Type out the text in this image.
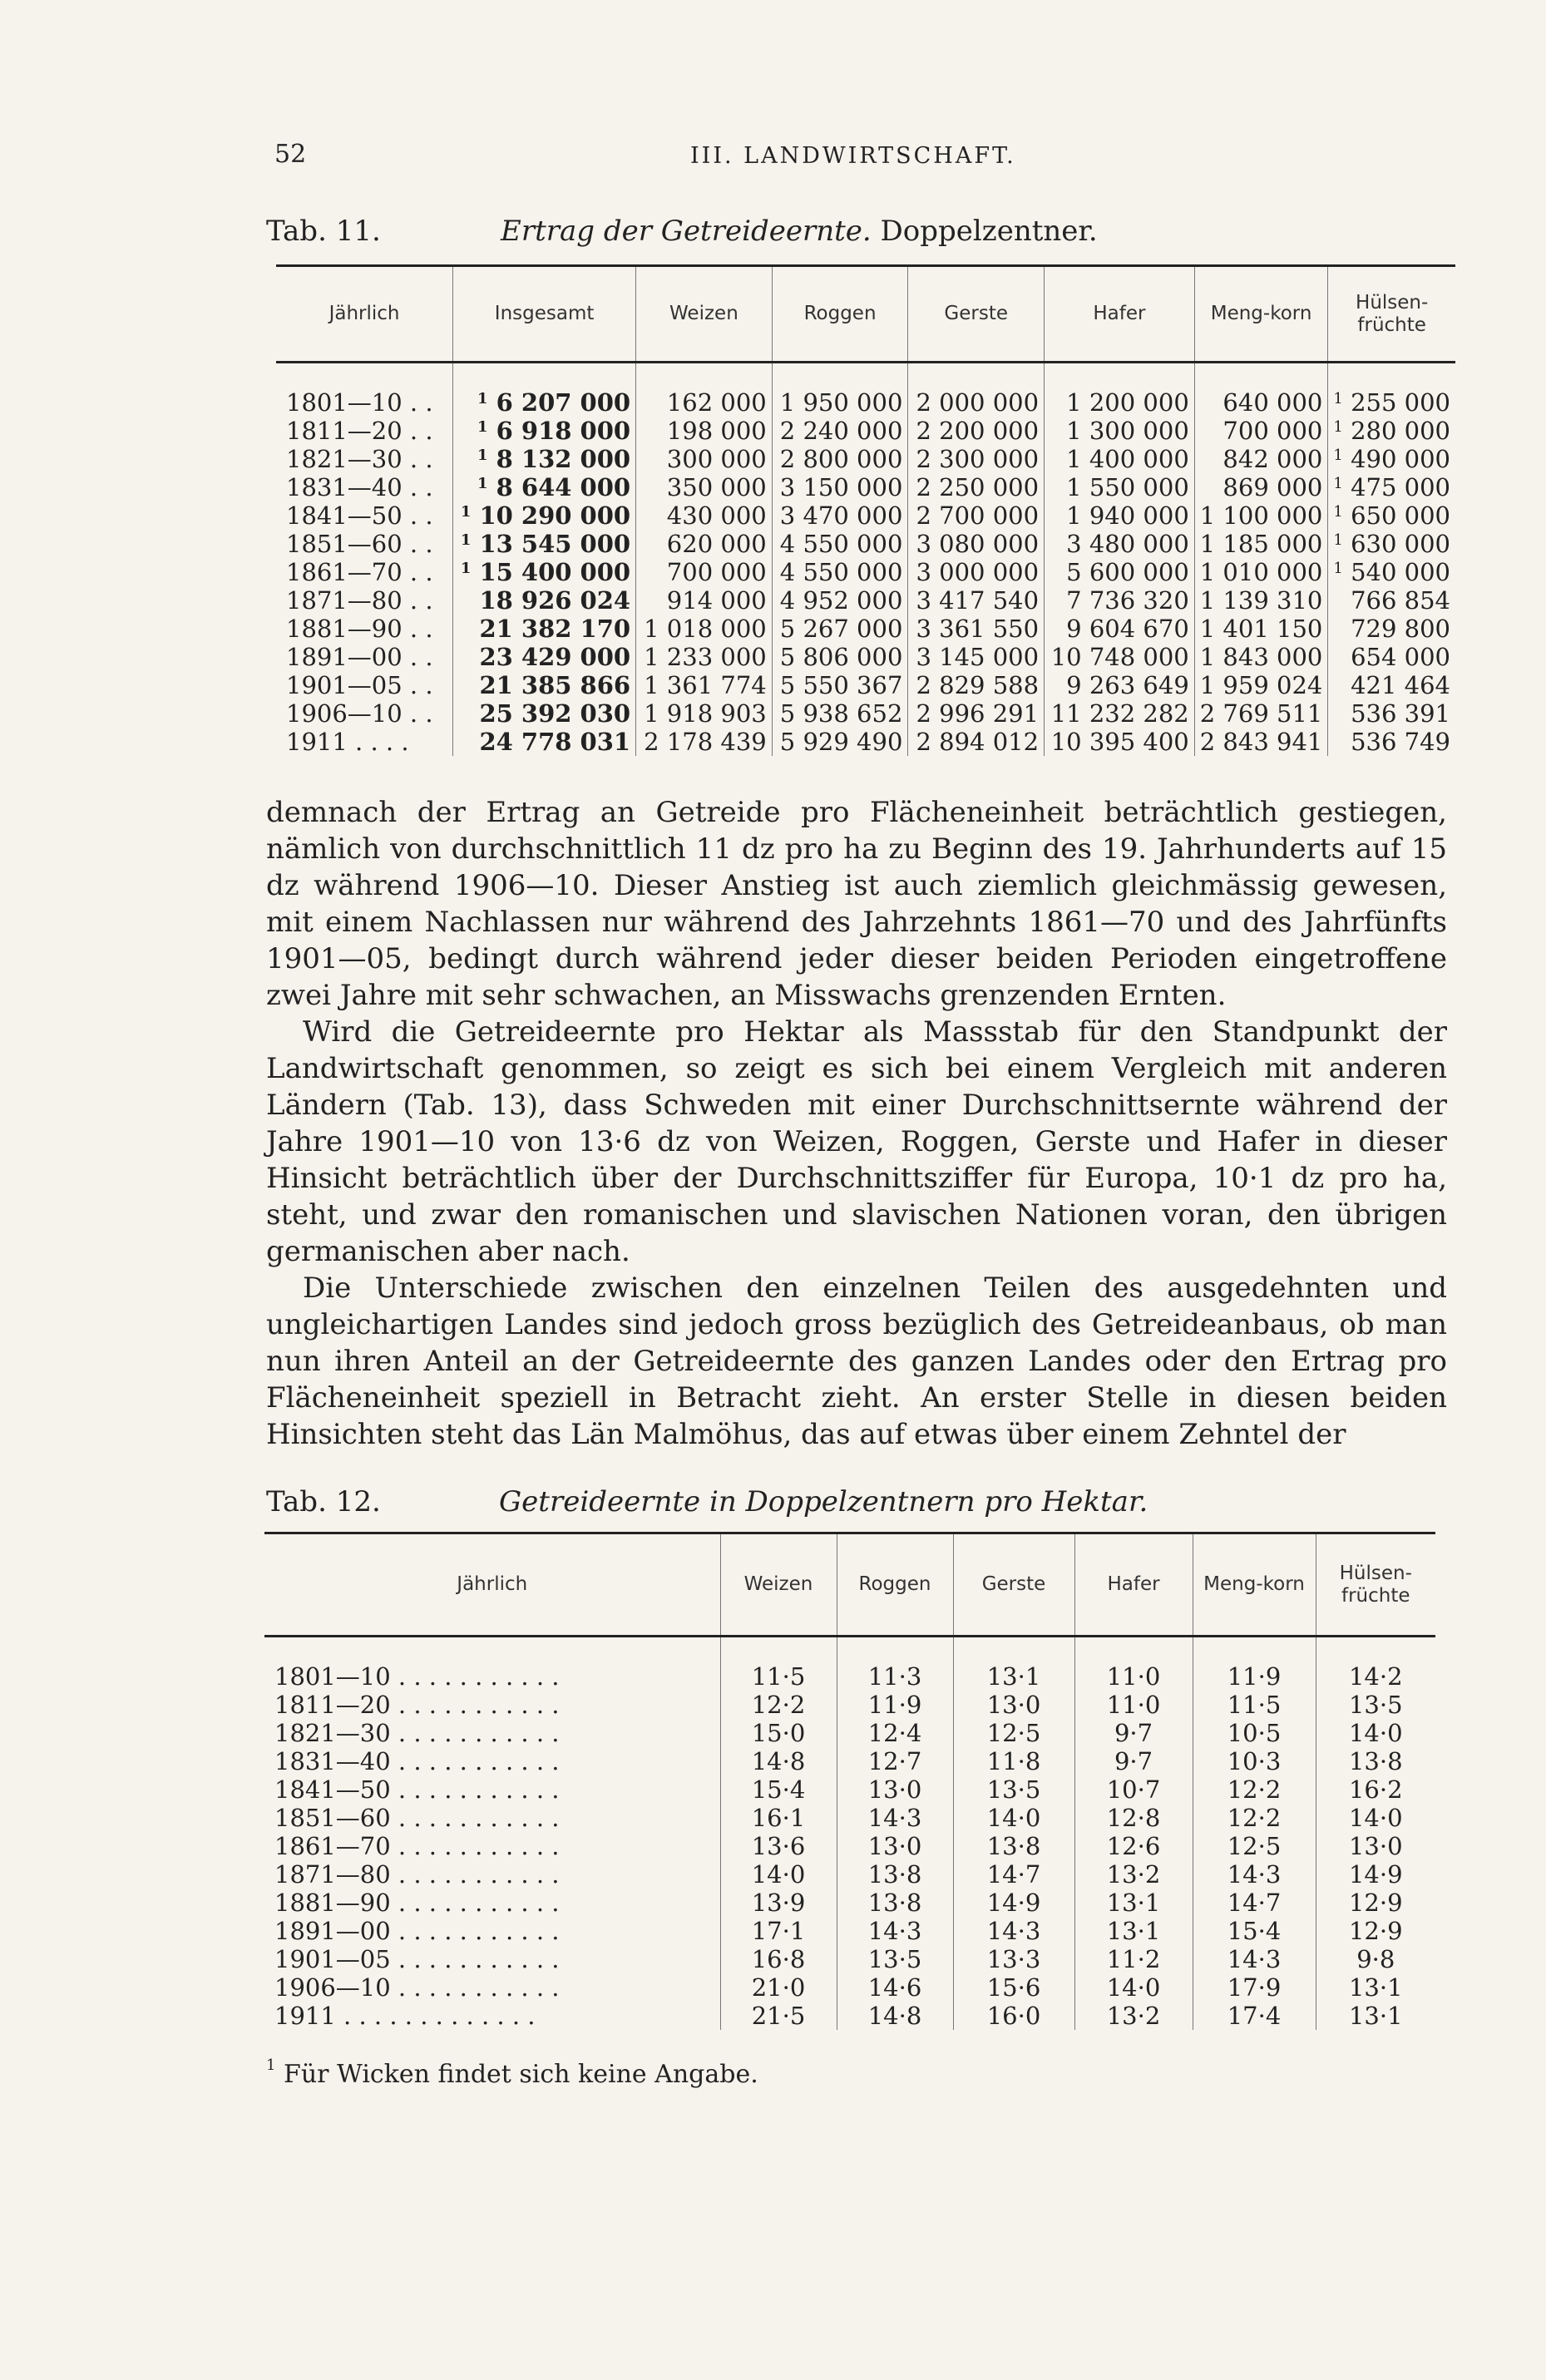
52	III. LANDWIRTSCHAFT.
Tab. 11.	Ertrag der Getreideernte. Doppelzentner.
Jährlich	Insgesamt	Weizen	Roggen	Gerste	Hafer	Meng-korn	Hülsen-früchte
1801—10 . .	$^1$ 6 207 000	162 000	1 950 000	2 000 000	1 200 000	640 000	$^1$ 255 000
1811—20 . .	$^1$ 6 918 000	198 000	2 240 000	2 200 000	1 300 000	700 000	$^1$ 280 000
1821—30 . .	$^1$ 8 132 000	300 000	2 800 000	2 300 000	1 400 000	842 000	$^1$ 490 000
1831—40 . .	$^1$ 8 644 000	350 000	3 150 000	2 250 000	1 550 000	869 000	$^1$ 475 000
1841—50 . .	$^1$ 10 290 000	430 000	3 470 000	2 700 000	1 940 000	1 100 000	$^1$ 650 000
1851—60 . .	$^1$ 13 545 000	620 000	4 550 000	3 080 000	3 480 000	1 185 000	$^1$ 630 000
1861—70 . .	$^1$ 15 400 000	700 000	4 550 000	3 000 000	5 600 000	1 010 000	$^1$ 540 000
1871—80 . .	18 926 024	914 000	4 952 000	3 417 540	7 736 320	1 139 310	766 854
1881—90 . .	21 382 170	1 018 000	5 267 000	3 361 550	9 604 670	1 401 150	729 800
1891—00 . .	23 429 000	1 233 000	5 806 000	3 145 000	10 748 000	1 843 000	654 000
1901—05 . .	21 385 866	1 361 774	5 550 367	2 829 588	9 263 649	1 959 024	421 464
1906—10 . .	25 392 030	1 918 903	5 938 652	2 996 291	11 232 282	2 769 511	536 391
1911 . . . .	24 778 031	2 178 439	5 929 490	2 894 012	10 395 400	2 843 941	536 749

demnach der Ertrag an Getreide pro Flächeneinheit beträchtlich gestiegen, nämlich von durchschnittlich 11 dz pro ha zu Beginn des 19. Jahrhunderts auf 15 dz während 1906—10. Dieser Anstieg ist auch ziemlich gleichmässig gewesen, mit einem Nachlassen nur während des Jahrzehnts 1861—70 und des Jahrfünfts 1901—05, bedingt durch während jeder dieser beiden Perioden eingetroffene zwei Jahre mit sehr schwachen, an Misswachs grenzenden Ernten.

Wird die Getreideernte pro Hektar als Massstab für den Standpunkt der Landwirtschaft genommen, so zeigt es sich bei einem Vergleich mit anderen Ländern (Tab. 13), dass Schweden mit einer Durchschnittsernte während der Jahre 1901—10 von 13·6 dz von Weizen, Roggen, Gerste und Hafer in dieser Hinsicht beträchtlich über der Durchschnittsziffer für Europa, 10·1 dz pro ha, steht, und zwar den romanischen und slavischen Nationen voran, den übrigen germanischen aber nach.

Die Unterschiede zwischen den einzelnen Teilen des ausgedehnten und ungleichartigen Landes sind jedoch gross bezüglich des Getreideanbaus, ob man nun ihren Anteil an der Getreideernte des ganzen Landes oder den Ertrag pro Flächeneinheit speziell in Betracht zieht. An erster Stelle in diesen beiden Hinsichten steht das Län Malmöhus, das auf etwas über einem Zehntel der

Tab. 12.	Getreideernte in Doppelzentnern pro Hektar.
Jährlich	Weizen	Roggen	Gerste	Hafer	Meng-korn	Hülsen-früchte
1801—10 . . . . . . . . . . .	11·5	11·3	13·1	11·0	11·9	14·2
1811—20 . . . . . . . . . . .	12·2	11·9	13·0	11·0	11·5	13·5
1821—30 . . . . . . . . . . .	15·0	12·4	12·5	9·7	10·5	14·0
1831—40 . . . . . . . . . . .	14·8	12·7	11·8	9·7	10·3	13·8
1841—50 . . . . . . . . . . .	15·4	13·0	13·5	10·7	12·2	16·2
1851—60 . . . . . . . . . . .	16·1	14·3	14·0	12·8	12·2	14·0
1861—70 . . . . . . . . . . .	13·6	13·0	13·8	12·6	12·5	13·0
1871—80 . . . . . . . . . . .	14·0	13·8	14·7	13·2	14·3	14·9
1881—90 . . . . . . . . . . .	13·9	13·8	14·9	13·1	14·7	12·9
1891—00 . . . . . . . . . . .	17·1	14·3	14·3	13·1	15·4	12·9
1901—05 . . . . . . . . . . .	16·8	13·5	13·3	11·2	14·3	9·8
1906—10 . . . . . . . . . . .	21·0	14·6	15·6	14·0	17·9	13·1
1911 . . . . . . . . . . . . .	21·5	14·8	16·0	13·2	17·4	13·1
$^1$ Für Wicken findet sich keine Angabe.
